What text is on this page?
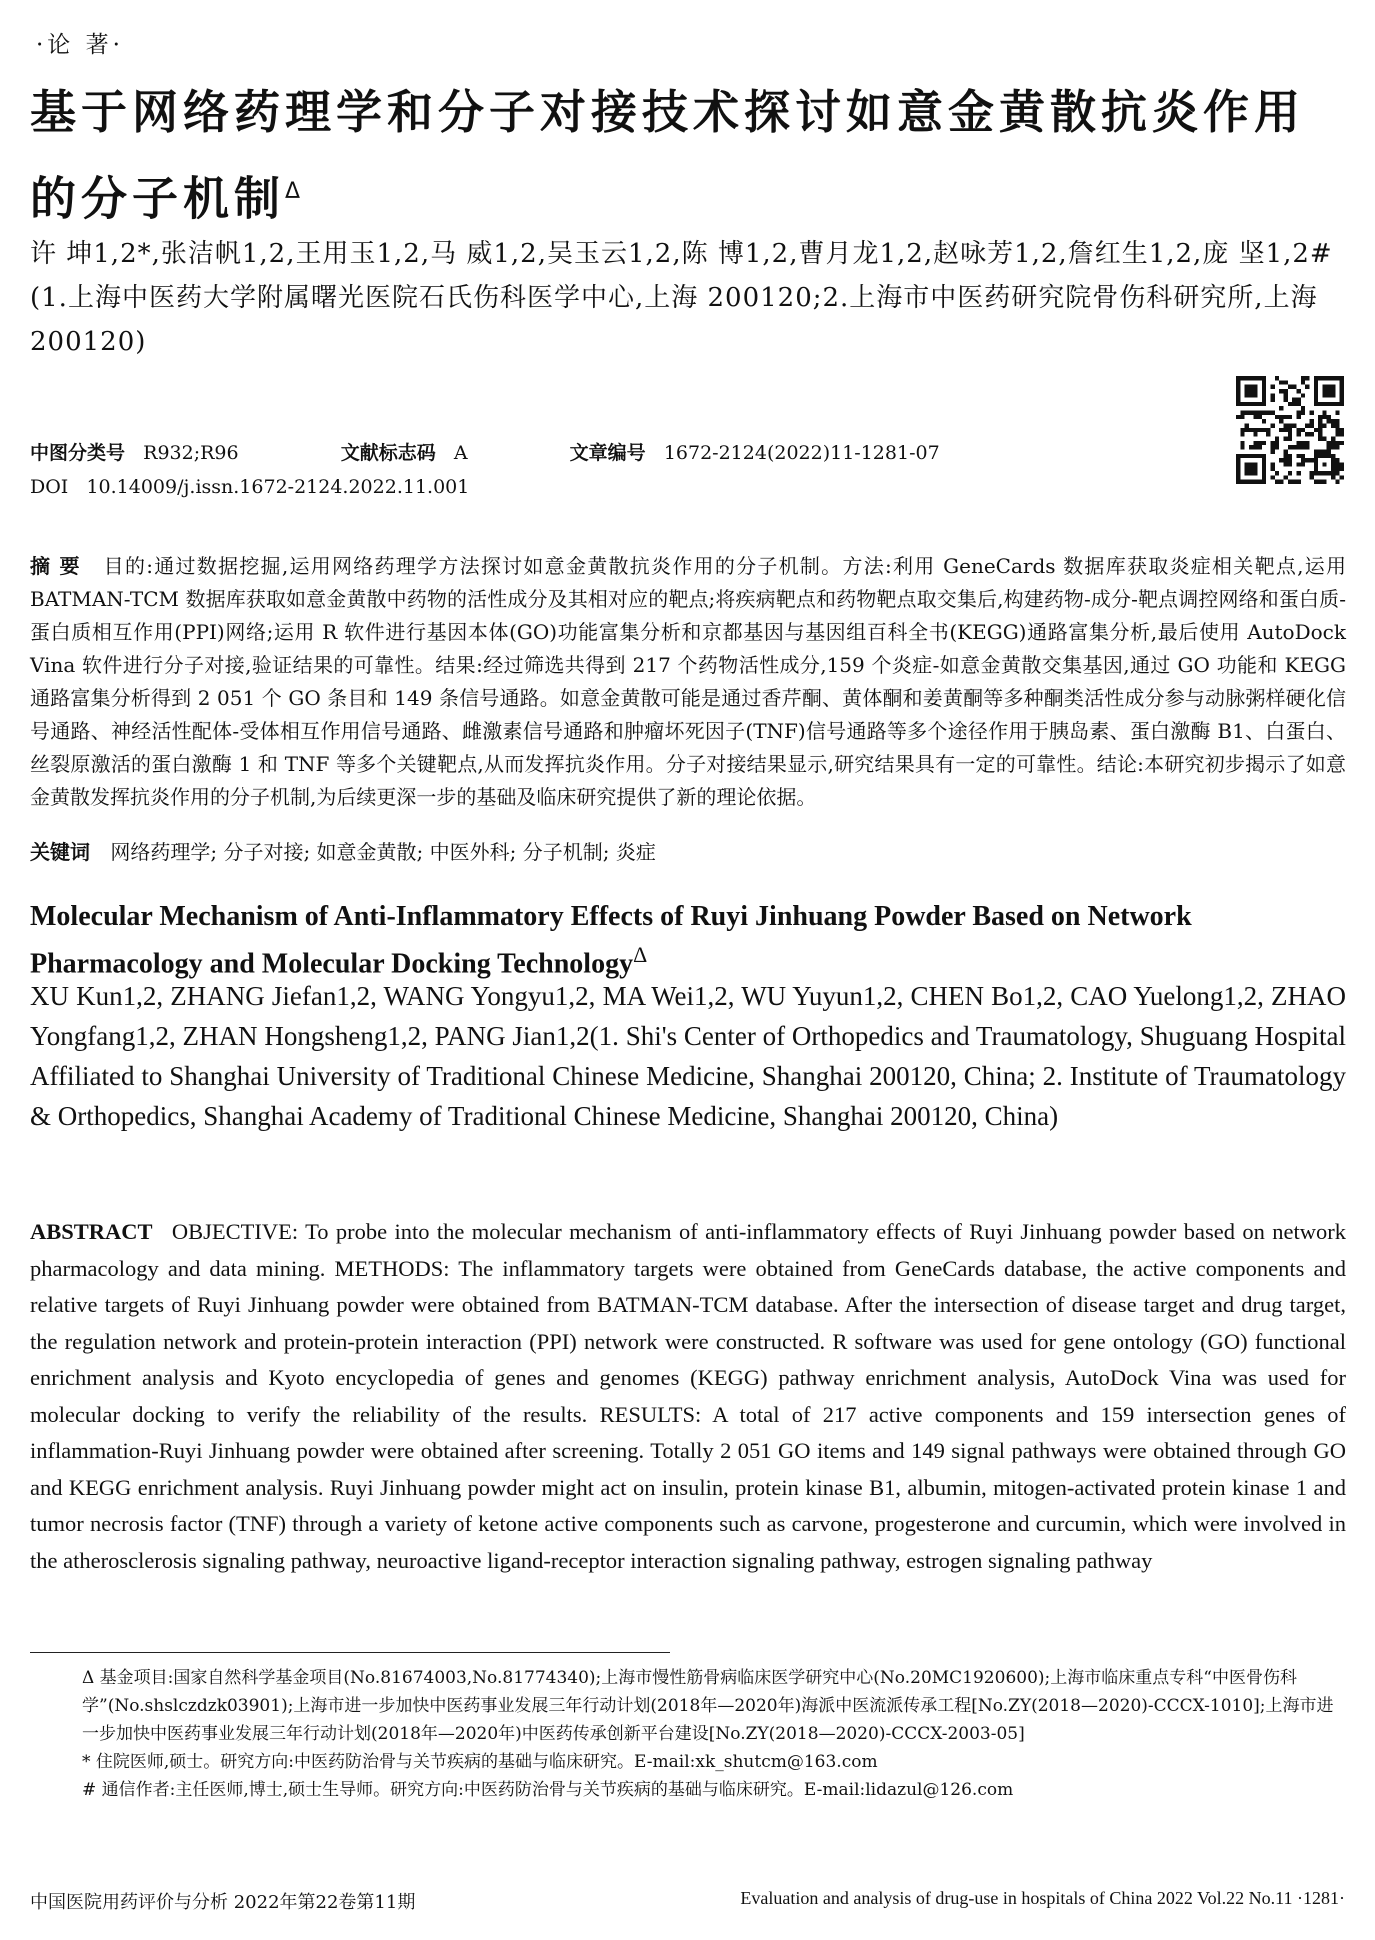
·论 著·
基于网络药理学和分子对接技术探讨如意金黄散抗炎作用的分子机制$^\Delta$
许 坤1,2*,张洁帆1,2,王用玉1,2,马 威1,2,吴玉云1,2,陈 博1,2,曹月龙1,2,赵咏芳1,2,詹红生1,2,庞 坚1,2#(1.上海中医药大学附属曙光医院石氏伤科医学中心,上海 200120;2.上海市中医药研究院骨伤科研究所,上海 200120)
中图分类号 R932;R96	文献标志码 A	文章编号 1672-2124(2022)11-1281-07
DOI 10.14009/j.issn.1672-2124.2022.11.001
摘 要 目的:通过数据挖掘,运用网络药理学方法探讨如意金黄散抗炎作用的分子机制。方法:利用 GeneCards 数据库获取炎症相关靶点,运用 BATMAN-TCM 数据库获取如意金黄散中药物的活性成分及其相对应的靶点;将疾病靶点和药物靶点取交集后,构建药物-成分-靶点调控网络和蛋白质-蛋白质相互作用(PPI)网络;运用 R 软件进行基因本体(GO)功能富集分析和京都基因与基因组百科全书(KEGG)通路富集分析,最后使用 AutoDock Vina 软件进行分子对接,验证结果的可靠性。结果:经过筛选共得到 217 个药物活性成分,159 个炎症-如意金黄散交集基因,通过 GO 功能和 KEGG 通路富集分析得到 2 051 个 GO 条目和 149 条信号通路。如意金黄散可能是通过香芹酮、黄体酮和姜黄酮等多种酮类活性成分参与动脉粥样硬化信号通路、神经活性配体-受体相互作用信号通路、雌激素信号通路和肿瘤坏死因子(TNF)信号通路等多个途径作用于胰岛素、蛋白激酶 B1、白蛋白、丝裂原激活的蛋白激酶 1 和 TNF 等多个关键靶点,从而发挥抗炎作用。分子对接结果显示,研究结果具有一定的可靠性。结论:本研究初步揭示了如意金黄散发挥抗炎作用的分子机制,为后续更深一步的基础及临床研究提供了新的理论依据。
关键词 网络药理学; 分子对接; 如意金黄散; 中医外科; 分子机制; 炎症
Molecular Mechanism of Anti-Inflammatory Effects of Ruyi Jinhuang Powder Based on Network Pharmacology and Molecular Docking Technology$^\Delta$
XU Kun1,2, ZHANG Jiefan1,2, WANG Yongyu1,2, MA Wei1,2, WU Yuyun1,2, CHEN Bo1,2, CAO Yuelong1,2, ZHAO Yongfang1,2, ZHAN Hongsheng1,2, PANG Jian1,2(1. Shi's Center of Orthopedics and Traumatology, Shuguang Hospital Affiliated to Shanghai University of Traditional Chinese Medicine, Shanghai 200120, China; 2. Institute of Traumatology & Orthopedics, Shanghai Academy of Traditional Chinese Medicine, Shanghai 200120, China)
ABSTRACT OBJECTIVE: To probe into the molecular mechanism of anti-inflammatory effects of Ruyi Jinhuang powder based on network pharmacology and data mining. METHODS: The inflammatory targets were obtained from GeneCards database, the active components and relative targets of Ruyi Jinhuang powder were obtained from BATMAN-TCM database. After the intersection of disease target and drug target, the regulation network and protein-protein interaction (PPI) network were constructed. R software was used for gene ontology (GO) functional enrichment analysis and Kyoto encyclopedia of genes and genomes (KEGG) pathway enrichment analysis, AutoDock Vina was used for molecular docking to verify the reliability of the results. RESULTS: A total of 217 active components and 159 intersection genes of inflammation-Ruyi Jinhuang powder were obtained after screening. Totally 2 051 GO items and 149 signal pathways were obtained through GO and KEGG enrichment analysis. Ruyi Jinhuang powder might act on insulin, protein kinase B1, albumin, mitogen-activated protein kinase 1 and tumor necrosis factor (TNF) through a variety of ketone active components such as carvone, progesterone and curcumin, which were involved in the atherosclerosis signaling pathway, neuroactive ligand-receptor interaction signaling pathway, estrogen signaling pathway

Δ 基金项目:国家自然科学基金项目(No.81674003,No.81774340);上海市慢性筋骨病临床医学研究中心(No.20MC1920600);上海市临床重点专科“中医骨伤科学”(No.shslczdzk03901);上海市进一步加快中医药事业发展三年行动计划(2018年—2020年)海派中医流派传承工程[No.ZY(2018—2020)-CCCX-1010];上海市进一步加快中医药事业发展三年行动计划(2018年—2020年)中医药传承创新平台建设[No.ZY(2018—2020)-CCCX-2003-05]

* 住院医师,硕士。研究方向:中医药防治骨与关节疾病的基础与临床研究。E-mail:xk_shutcm@163.com

# 通信作者:主任医师,博士,硕士生导师。研究方向:中医药防治骨与关节疾病的基础与临床研究。E-mail:lidazul@126.com

中国医院用药评价与分析 2022年第22卷第11期	Evaluation and analysis of drug-use in hospitals of China 2022 Vol.22 No.11 ·1281·
